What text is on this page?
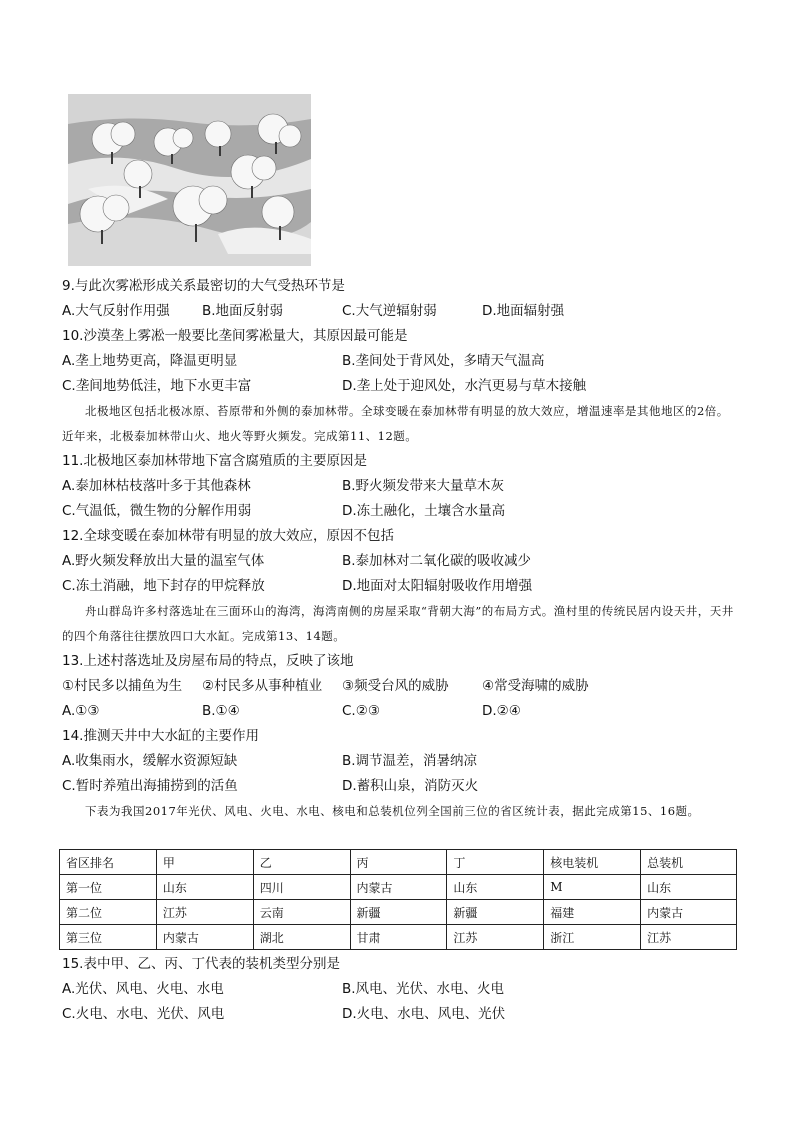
9.与此次雾凇形成关系最密切的大气受热环节是
A.大气反射作用强 B.地面反射弱	C.大气逆辐射弱	D.地面辐射强
10.沙漠垄上雾凇一般要比垄间雾凇量大，其原因最可能是
A.垄上地势更高，降温更明显	B.垄间处于背风处，多晴天气温高
C.垄间地势低洼，地下水更丰富	D.垄上处于迎风处，水汽更易与草木接触
北极地区包括北极冰原、苔原带和外侧的泰加林带。全球变暖在泰加林带有明显的放大效应，增温速率是其他地区的2倍。近年来，北极泰加林带山火、地火等野火频发。完成第11、12题。
11.北极地区泰加林带地下富含腐殖质的主要原因是
A.泰加林枯枝落叶多于其他森林	B.野火频发带来大量草木灰
C.气温低，微生物的分解作用弱	D.冻土融化，土壤含水量高
12.全球变暖在泰加林带有明显的放大效应，原因不包括
A.野火频发释放出大量的温室气体	B.泰加林对二氧化碳的吸收减少
C.冻土消融，地下封存的甲烷释放	D.地面对太阳辐射吸收作用增强
舟山群岛许多村落选址在三面环山的海湾，海湾南侧的房屋采取“背朝大海”的布局方式。渔村里的传统民居内设天井，天井的四个角落往往摆放四口大水缸。完成第13、14题。
13.上述村落选址及房屋布局的特点，反映了该地
①村民多以捕鱼为生 ②村民多从事种植业 ③频受台风的威胁 ④常受海啸的威胁
A.①③	B.①④	C.②③	D.②④
14.推测天井中大水缸的主要作用
A.收集雨水，缓解水资源短缺	B.调节温差，消暑纳凉
C.暂时养殖出海捕捞到的活鱼	D.蓄积山泉，消防灭火
下表为我国2017年光伏、风电、火电、水电、核电和总装机位列全国前三位的省区统计表，据此完成第15、16题。
省区排名	甲	乙	丙	丁	核电装机	总装机
第一位	山东	四川	内蒙古	山东	M	山东
第二位	江苏	云南	新疆	新疆	福建	内蒙古
第三位	内蒙古	湖北	甘肃	江苏	浙江	江苏
15.表中甲、乙、丙、丁代表的装机类型分别是
A.光伏、风电、火电、水电	B.风电、光伏、水电、火电
C.火电、水电、光伏、风电	D.火电、水电、风电、光伏
